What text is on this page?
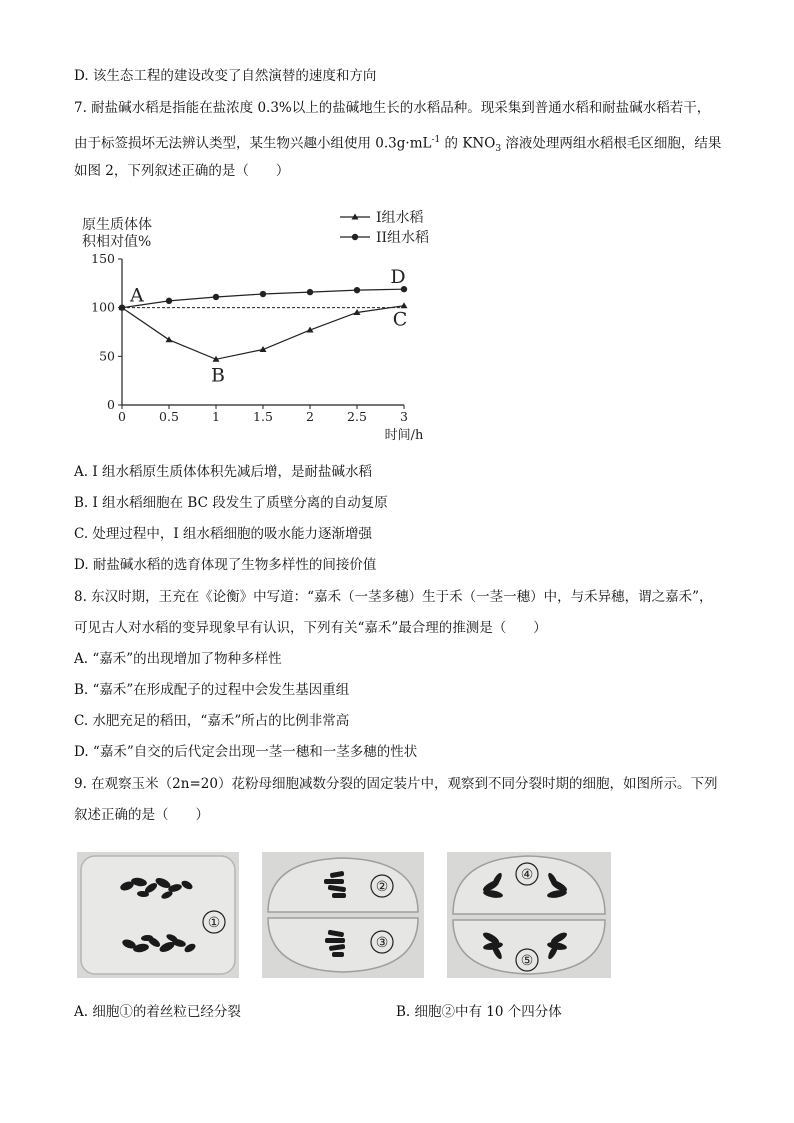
D. 该生态工程的建设改变了自然演替的速度和方向
7. 耐盐碱水稻是指能在盐浓度 0.3%以上的盐碱地生长的水稻品种。现采集到普通水稻和耐盐碱水稻若干，
由于标签损坏无法辨认类型，某生物兴趣小组使用 $0.3g\cdot mL^{-1}$ 的 $KNO_3$ 溶液处理两组水稻根毛区细胞，结果
如图 2，下列叙述正确的是（　　）
原生质体体
积相对值%
0
50
100
150
0	0.5	1	1.5	2	2.5	3
时间/h
I组水稻
II组水稻
A
B
C
D
A. I 组水稻原生质体体积先减后增，是耐盐碱水稻
B. I 组水稻细胞在 BC 段发生了质壁分离的自动复原
C. 处理过程中，I 组水稻细胞的吸水能力逐渐增强
D. 耐盐碱水稻的选育体现了生物多样性的间接价值
8. 东汉时期，王充在《论衡》中写道：“嘉禾（一茎多穗）生于禾（一茎一穗）中，与禾异穗，谓之嘉禾”，
可见古人对水稻的变异现象早有认识，下列有关“嘉禾”最合理的推测是（　　）
A. “嘉禾”的出现增加了物种多样性
B. “嘉禾”在形成配子的过程中会发生基因重组
C. 水肥充足的稻田，“嘉禾”所占的比例非常高
D. “嘉禾”自交的后代定会出现一茎一穗和一茎多穗的性状
9. 在观察玉米（2n=20）花粉母细胞减数分裂的固定装片中，观察到不同分裂时期的细胞，如图所示。下列
叙述正确的是（　　）
①
②
③
④
⑤
A. 细胞①的着丝粒已经分裂	B. 细胞②中有 10 个四分体
